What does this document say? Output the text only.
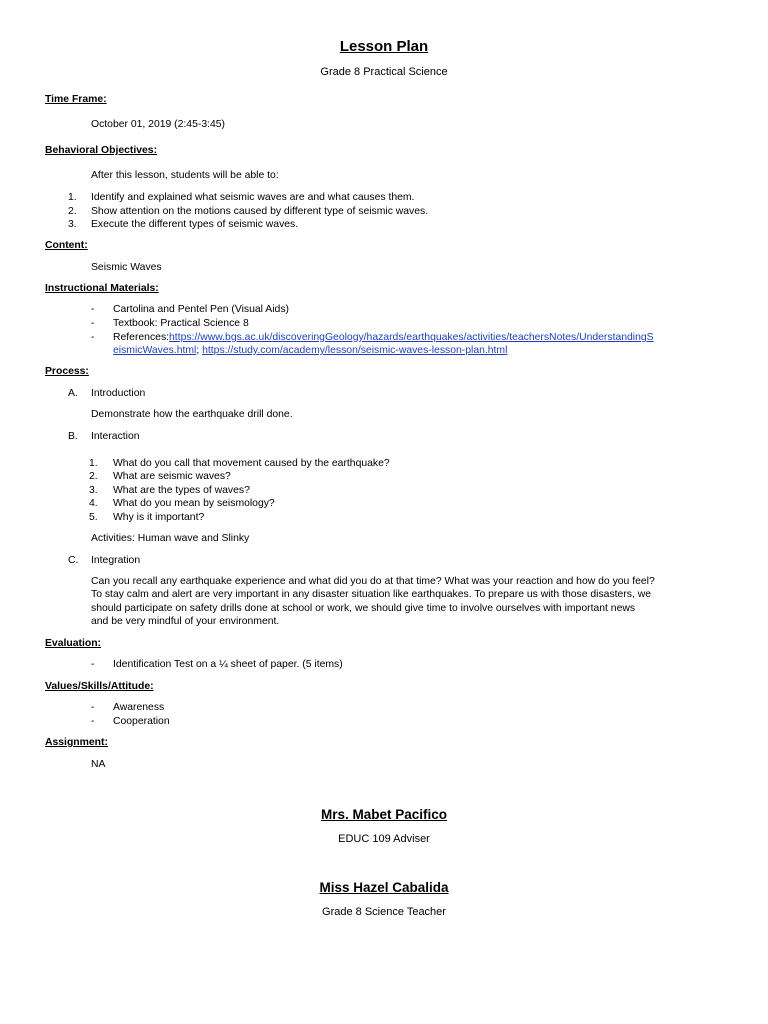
Lesson Plan
Grade 8 Practical Science
Time Frame:
October 01, 2019 (2:45-3:45)
Behavioral Objectives:
After this lesson, students will be able to:
1. Identify and explained what seismic waves are and what causes them.
2. Show attention on the motions caused by different type of seismic waves.
3. Execute the different types of seismic waves.
Content:
Seismic Waves
Instructional Materials:
- Cartolina and Pentel Pen (Visual Aids)
- Textbook: Practical Science 8
- References:https://www.bgs.ac.uk/discoveringGeology/hazards/earthquakes/activities/teachersNotes/UnderstandingS
eismicWaves.html; https://study.com/academy/lesson/seismic-waves-lesson-plan.html
Process:
A. Introduction
Demonstrate how the earthquake drill done.
B. Interaction
1. What do you call that movement caused by the earthquake?
2. What are seismic waves?
3. What are the types of waves?
4. What do you mean by seismology?
5. Why is it important?
Activities: Human wave and Slinky
C. Integration
Can you recall any earthquake experience and what did you do at that time? What was your reaction and how do you feel?
To stay calm and alert are very important in any disaster situation like earthquakes. To prepare us with those disasters, we
should participate on safety drills done at school or work, we should give time to involve ourselves with important news
and be very mindful of your environment.
Evaluation:
- Identification Test on a ¼ sheet of paper. (5 items)
Values/Skills/Attitude:
- Awareness
- Cooperation
Assignment:
NA
Mrs. Mabet Pacifico
EDUC 109 Adviser
Miss Hazel Cabalida
Grade 8 Science Teacher
